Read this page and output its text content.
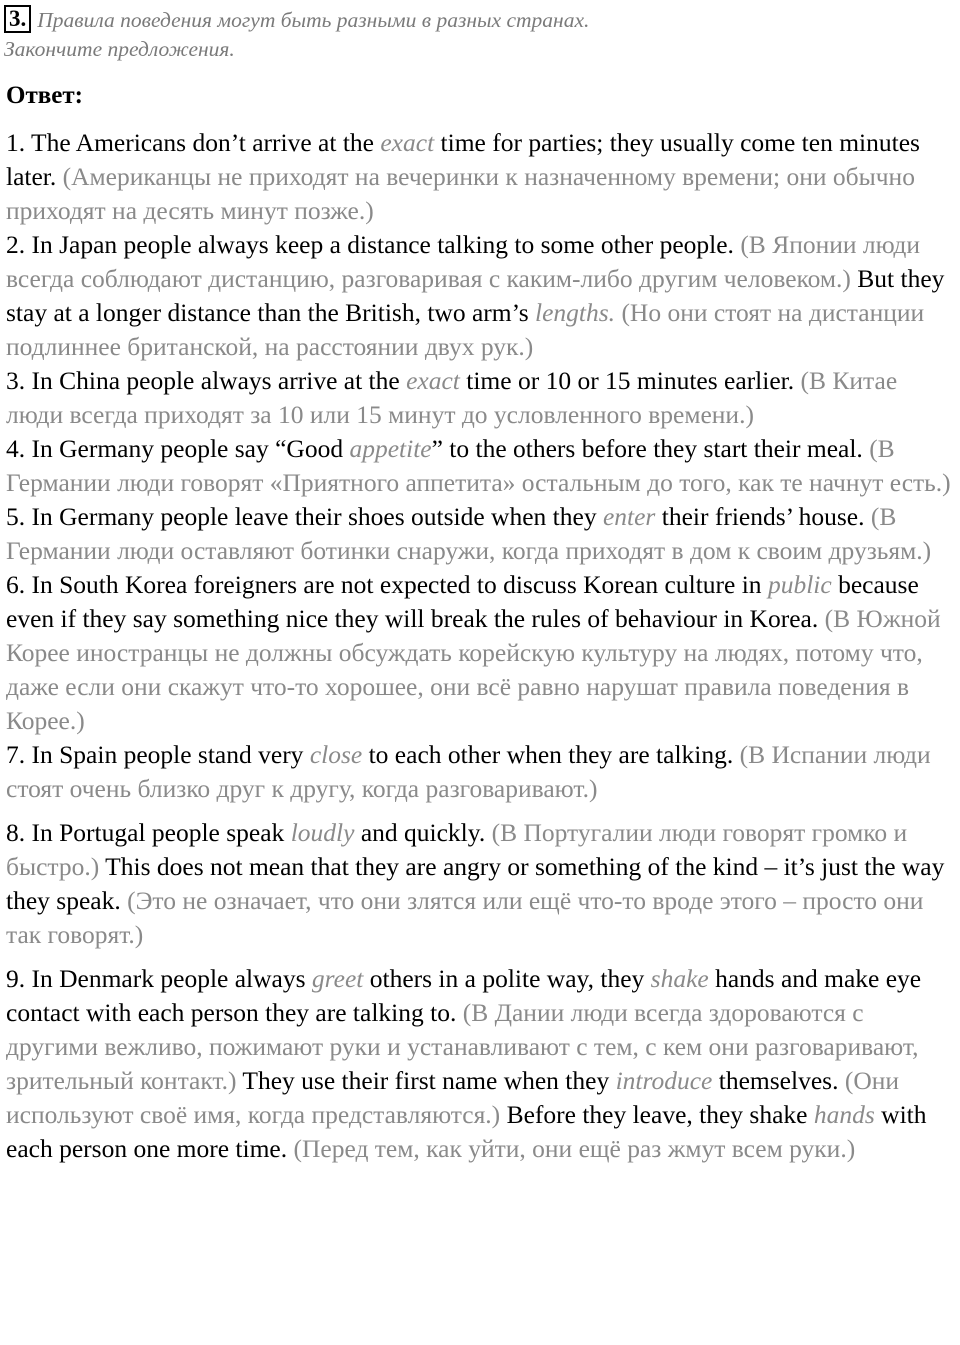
3. Правила поведения могут быть разными в разных странах.
Закончите предложения.
Ответ:

1. The Americans don’t arrive at the exact time for parties; they usually come ten minutes later. (Американцы не приходят на вечеринки к назначенному времени; они обычно приходят на десять минут позже.)

2. In Japan people always keep a distance talking to some other people. (В Японии люди всегда соблюдают дистанцию, разговаривая с каким-либо другим человеком.) But they stay at a longer distance than the British, two arm’s lengths. (Но они стоят на дистанции подлиннее британской, на расстоянии двух рук.)

3. In China people always arrive at the exact time or 10 or 15 minutes earlier. (В Китае люди всегда приходят за 10 или 15 минут до условленного времени.)

4. In Germany people say “Good appetite” to the others before they start their meal. (В Германии люди говорят «Приятного аппетита» остальным до того, как те начнут есть.)

5. In Germany people leave their shoes outside when they enter their friends’ house. (В Германии люди оставляют ботинки снаружи, когда приходят в дом к своим друзьям.)

6. In South Korea foreigners are not expected to discuss Korean culture in public because even if they say something nice they will break the rules of behaviour in Korea. (В Южной Корее иностранцы не должны обсуждать корейскую культуру на людях, потому что, даже если они скажут что-то хорошее, они всё равно нарушат правила поведения в Корее.)

7. In Spain people stand very close to each other when they are talking. (В Испании люди стоят очень близко друг к другу, когда разговаривают.)

8. In Portugal people speak loudly and quickly. (В Португалии люди говорят громко и быстро.) This does not mean that they are angry or something of the kind – it’s just the way they speak. (Это не означает, что они злятся или ещё что-то вроде этого – просто они так говорят.)

9. In Denmark people always greet others in a polite way, they shake hands and make eye contact with each person they are talking to. (В Дании люди всегда здороваются с другими вежливо, пожимают руки и устанавливают с тем, с кем они разговаривают, зрительный контакт.) They use their first name when they introduce themselves. (Они используют своё имя, когда представляются.) Before they leave, they shake hands with each person one more time. (Перед тем, как уйти, они ещё раз жмут всем руки.)
